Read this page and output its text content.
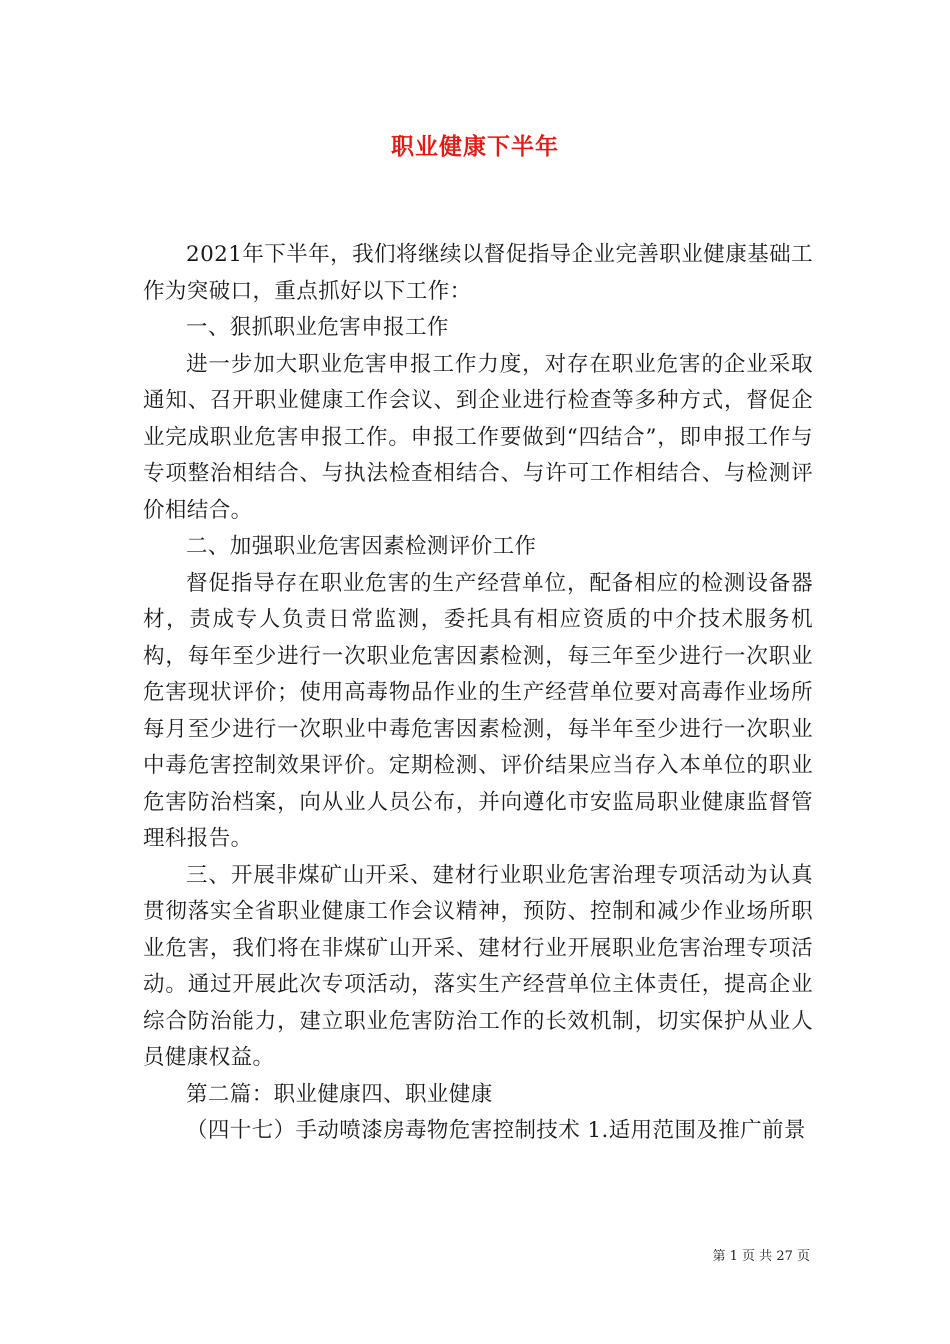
职业健康下半年

2021年下半年，我们将继续以督促指导企业完善职业健康基础工作为突破口，重点抓好以下工作：

一、狠抓职业危害申报工作

进一步加大职业危害申报工作力度，对存在职业危害的企业采取通知、召开职业健康工作会议、到企业进行检查等多种方式，督促企业完成职业危害申报工作。申报工作要做到“四结合”，即申报工作与专项整治相结合、与执法检查相结合、与许可工作相结合、与检测评价相结合。

二、加强职业危害因素检测评价工作

督促指导存在职业危害的生产经营单位，配备相应的检测设备器材，责成专人负责日常监测，委托具有相应资质的中介技术服务机构，每年至少进行一次职业危害因素检测，每三年至少进行一次职业危害现状评价；使用高毒物品作业的生产经营单位要对高毒作业场所每月至少进行一次职业中毒危害因素检测，每半年至少进行一次职业中毒危害控制效果评价。定期检测、评价结果应当存入本单位的职业危害防治档案，向从业人员公布，并向遵化市安监局职业健康监督管理科报告。

三、开展非煤矿山开采、建材行业职业危害治理专项活动为认真贯彻落实全省职业健康工作会议精神，预防、控制和减少作业场所职业危害，我们将在非煤矿山开采、建材行业开展职业危害治理专项活动。通过开展此次专项活动，落实生产经营单位主体责任，提高企业综合防治能力，建立职业危害防治工作的长效机制，切实保护从业人员健康权益。

第二篇：职业健康四、职业健康

（四十七）手动喷漆房毒物危害控制技术 1.适用范围及推广前景

第 1 页 共 27 页
